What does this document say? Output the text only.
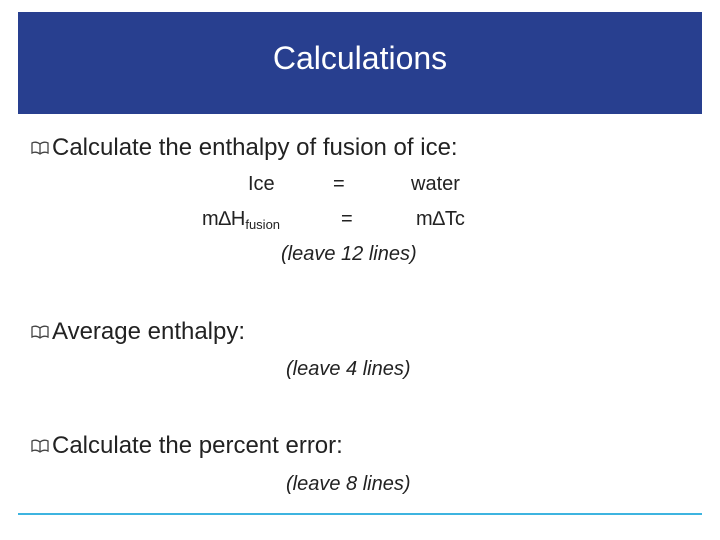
Calculations
Calculate the enthalpy of fusion of ice:
Ice	=	water
$m\Delta H_{fusion}$	=	m∆Tc
(leave 12 lines)
Average enthalpy:
(leave 4 lines)
Calculate the percent error:
(leave 8 lines)
